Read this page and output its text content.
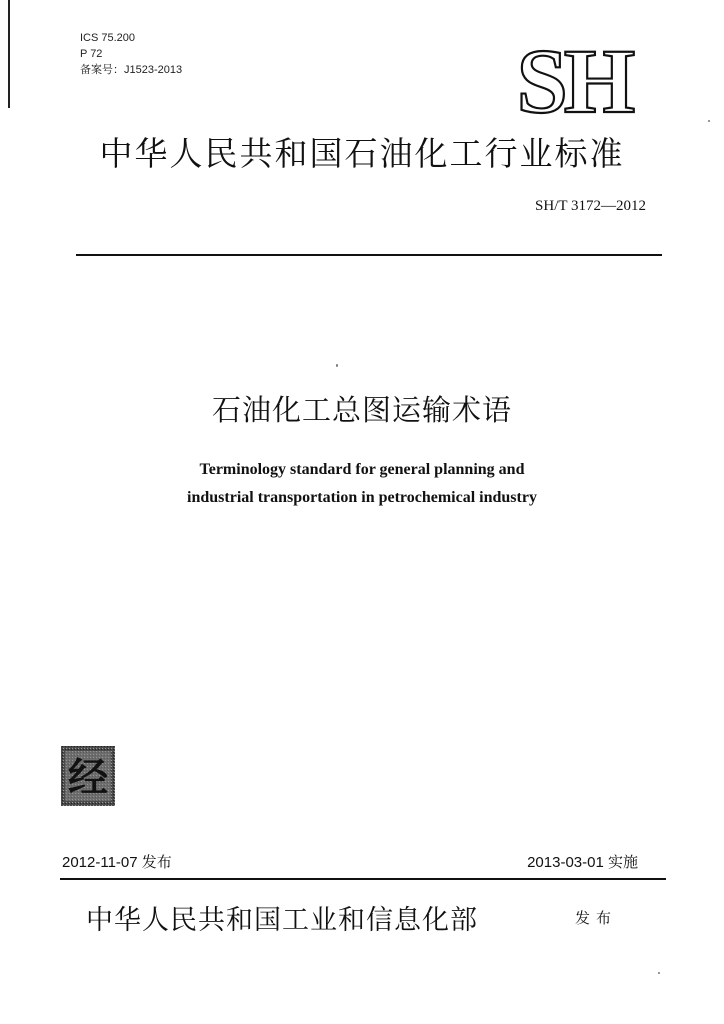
ICS 75.200
P 72
备案号：J1523-2013	SH
中华人民共和国石油化工行业标准
SH/T 3172—2012
石油化工总图运输术语
Terminology standard for general planning and
industrial transportation in petrochemical industry
经
2012-11-07 发布	2013-03-01 实施
中华人民共和国工业和信息化部	发布
